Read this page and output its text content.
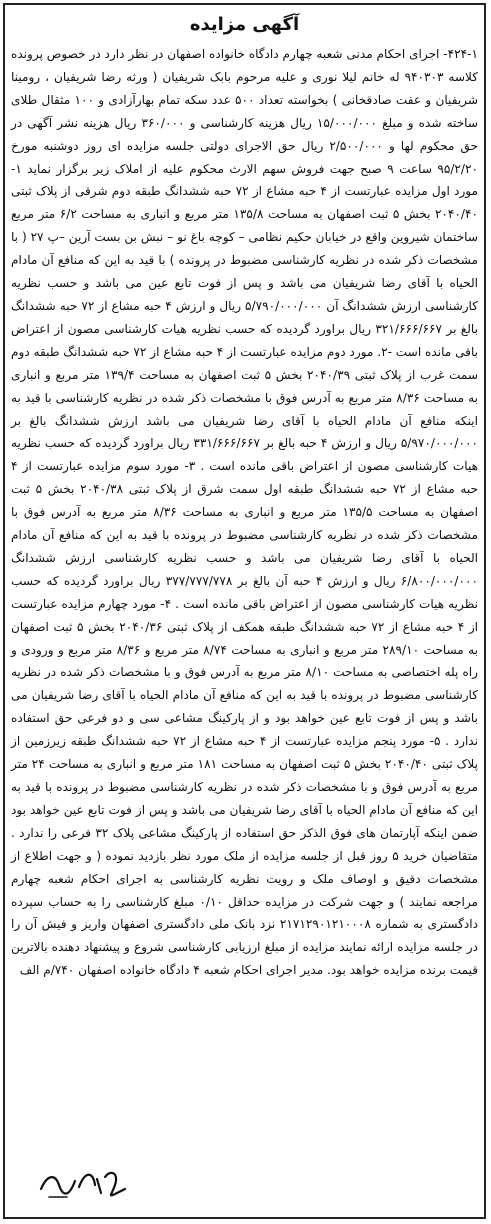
آگهی مزایده

۴۲۴-۱- اجرای احکام مدنی شعبه چهارم دادگاه خانواده اصفهان در نظر دارد در خصوص پرونده کلاسه ۹۴۰۳۰۳ له خانم لیلا نوری و علیه مرحوم بابک شریفیان ( ورثه رضا شریفیان ، رومینا شریفیان و عفت صادقخانی ) بخواسته تعداد ۵۰۰ عدد سکه تمام بهارآزادی و ۱۰۰ مثقال طلای ساخته شده و مبلغ ۱۵/۰۰۰/۰۰۰ ریال هزینه کارشناسی و ۳۶۰/۰۰۰ ریال هزینه نشر آگهی در حق محکوم لها و ۲/۵۰۰/۰۰۰ ریال حق الاجرای دولتی جلسه مزایده ای روز دوشنبه مورخ ۹۵/۲/۲۰ ساعت ۹ صبح جهت فروش سهم الارث محکوم علیه از املاک زیر برگزار نماید ۱- مورد اول مزایده عبارتست از ۴ حبه مشاع از ۷۲ حبه ششدانگ طبقه دوم شرقی از پلاک ثبتی ۲۰۴۰/۴۰ بخش ۵ ثبت اصفهان به مساحت ۱۳۵/۸ متر مربع و انباری به مساحت ۶/۲ متر مربع ساختمان شیروین واقع در خیابان حکیم نظامی – کوچه باغ نو – نبش بن بست آرین –پ ۲۷ ( با مشخصات ذکر شده در نظریه کارشناسی مضبوط در پرونده ) با قید به این که منافع آن مادام الحیاه با آقای رضا شریفیان می باشد و پس از فوت تابع عین می باشد و حسب نظریه کارشناسی ارزش ششدانگ آن ۵/۷۹۰/۰۰۰/۰۰۰ ریال و ارزش ۴ حبه مشاع از ۷۲ حبه ششدانگ بالغ بر ۳۲۱/۶۶۶/۶۶۷ ریال براورد گردیده که حسب نظریه هیات کارشناسی مصون از اعتراض باقی مانده است -۲. مورد دوم مزایده عبارتست از ۴ حبه مشاع از ۷۲ حبه ششدانگ طبقه دوم سمت غرب از پلاک ثبتی ۲۰۴۰/۳۹ بخش ۵ ثبت اصفهان به مساحت ۱۳۹/۴ متر مربع و انباری به مساحت ۸/۳۶ متر مربع به آدرس فوق با مشخصات ذکر شده در نظریه کارشناسی با قید به اینکه منافع آن مادام الحیاه با آقای رضا شریفیان می باشد ارزش ششدانگ بالغ بر ۵/۹۷۰/۰۰۰/۰۰۰ ریال و ارزش ۴ حبه بالغ بر ۳۳۱/۶۶۶/۶۶۷ ریال براورد گردیده که حسب نظریه هیات کارشناسی مصون از اعتراض باقی مانده است . ۳- مورد سوم مزایده عبارتست از ۴ حبه مشاع از ۷۲ حبه ششدانگ طبقه اول سمت شرق از پلاک ثبتی ۲۰۴۰/۳۸ بخش ۵ ثبت اصفهان به مساحت ۱۳۵/۵ متر مربع و انباری به مساحت ۸/۳۶ متر مربع به آدرس فوق با مشخصات ذکر شده در نظریه کارشناسی مضبوط در پرونده با قید به این که منافع آن مادام الحیاه با آقای رضا شریفیان می باشد و حسب نظریه کارشناسی ارزش ششدانگ ۶/۸۰۰/۰۰۰/۰۰۰ ریال و ارزش ۴ حبه آن بالغ بر ۳۷۷/۷۷۷/۷۷۸ ریال براورد گردیده که حسب نظریه هیات کارشناسی مصون از اعتراض باقی مانده است . ۴- مورد چهارم مزایده عبارتست از ۴ حبه مشاع از ۷۲ حبه ششدانگ طبقه همکف از پلاک ثبتی ۲۰۴۰/۳۶ بخش ۵ ثبت اصفهان به مساحت ۲۸۹/۱۰ متر مربع و انباری به مساحت ۸/۷۴ متر مربع و ۸/۳۶ متر مربع و ورودی و راه پله اختصاصی به مساحت ۸/۱۰ متر مربع به آدرس فوق و با مشخصات ذکر شده در نظریه کارشناسی مضبوط در پرونده با قید به این که منافع آن مادام الحیاه با آقای رضا شریفیان می باشد و پس از فوت تابع عین خواهد بود و از پارکینگ مشاعی سی و دو فرعی حق استفاده ندارد . ۵- مورد پنجم مزایده عبارتست از ۴ حبه مشاع از ۷۲ حبه ششدانگ طبقه زیرزمین از پلاک ثبتی ۲۰۴۰/۴۰ بخش ۵ ثبت اصفهان به مساحت ۱۸۱ متر مربع و انباری به مساحت ۲۴ متر مربع به آدرس فوق و با مشخصات ذکر شده در نظریه کارشناسی مضبوط در پرونده با قید به این که منافع آن مادام الحیاه با آقای رضا شریفیان می باشد و پس از فوت تابع عین خواهد بود ضمن اینکه آپارتمان های فوق الذکر حق استفاده از پارکینگ مشاعی پلاک ۳۲ فرعی را ندارد . متقاضیان خرید ۵ روز قبل از جلسه مزایده از ملک مورد نظر بازدید نموده ( و جهت اطلاع از مشخصات دقیق و اوصاف ملک و رویت نظریه کارشناسی به اجرای احکام شعبه چهارم مراجعه نمایند ) و جهت شرکت در مزایده حداقل ۰/۱۰ مبلغ کارشناسی را به حساب سپرده دادگستری به شماره ۲۱۷۱۲۹۰۱۲۱۰۰۰۸ نزد بانک ملی دادگستری اصفهان واریز و فیش آن را در جلسه مزایده ارائه نمایند مزایده از مبلغ ارزیابی کارشناسی شروع و پیشنهاد دهنده بالاترین قیمت برنده مزایده خواهد بود. مدیر اجرای احکام شعبه ۴ دادگاه خانواده اصفهان ۷۴۰/م الف
